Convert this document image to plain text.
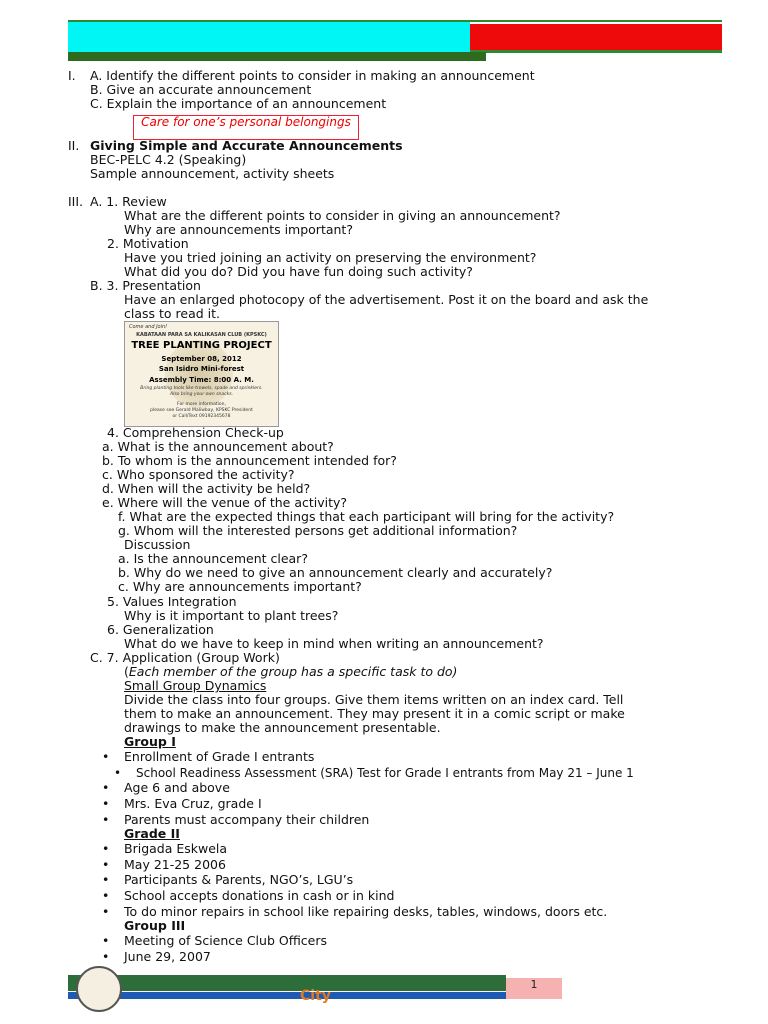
I. A. Identify the different points to consider in making an announcement
B. Give an accurate announcement
C. Explain the importance of an announcement
Care for one’s personal belongings
II. Giving Simple and Accurate Announcements
BEC-PELC 4.2 (Speaking)
Sample announcement, activity sheets
III. A. 1. Review
What are the different points to consider in giving an announcement?
Why are announcements important?
2. Motivation
Have you tried joining an activity on preserving the environment?
What did you do? Did you have fun doing such activity?
B. 3. Presentation
Have an enlarged photocopy of the advertisement. Post it on the board and ask the
class to read it.
Come and Join!
KABATAAN PARA SA KALIKASAN CLUB (KPSKC)
TREE PLANTING PROJECT
September 08, 2012
San Isidro Mini-forest
Assembly Time: 8:00 A. M.
Bring planting tools like trowels, spade and sprinklers.
Also bring your own snacks.
For more information,
please see Gerald Maliwbay, KPSKC President
or Call/Text 09192345678
4. Comprehension Check-up
a. What is the announcement about?
b. To whom is the announcement intended for?
c. Who sponsored the activity?
d. When will the activity be held?
e. Where will the venue of the activity?
f. What are the expected things that each participant will bring for the activity?
g. Whom will the interested persons get additional information?
Discussion
a. Is the announcement clear?
b. Why do we need to give an announcement clearly and accurately?
c. Why are announcements important?
5. Values Integration
Why is it important to plant trees?
6. Generalization
What do we have to keep in mind when writing an announcement?
C. 7. Application (Group Work)
(Each member of the group has a specific task to do)
Small Group Dynamics
Divide the class into four groups. Give them items written on an index card. Tell
them to make an announcement. They may present it in a comic script or make
drawings to make the announcement presentable.
Group I
• Enrollment of Grade I entrants
• School Readiness Assessment (SRA) Test for Grade I entrants from May 21 – June 1
• Age 6 and above
• Mrs. Eva Cruz, grade I
• Parents must accompany their children
Grade II
• Brigada Eskwela
• May 21-25 2006
• Participants & Parents, NGO’s, LGU’s
• School accepts donations in cash or in kind
• To do minor repairs in school like repairing desks, tables, windows, doors etc.
Group III
• Meeting of Science Club Officers
• June 29, 2007
1
City
